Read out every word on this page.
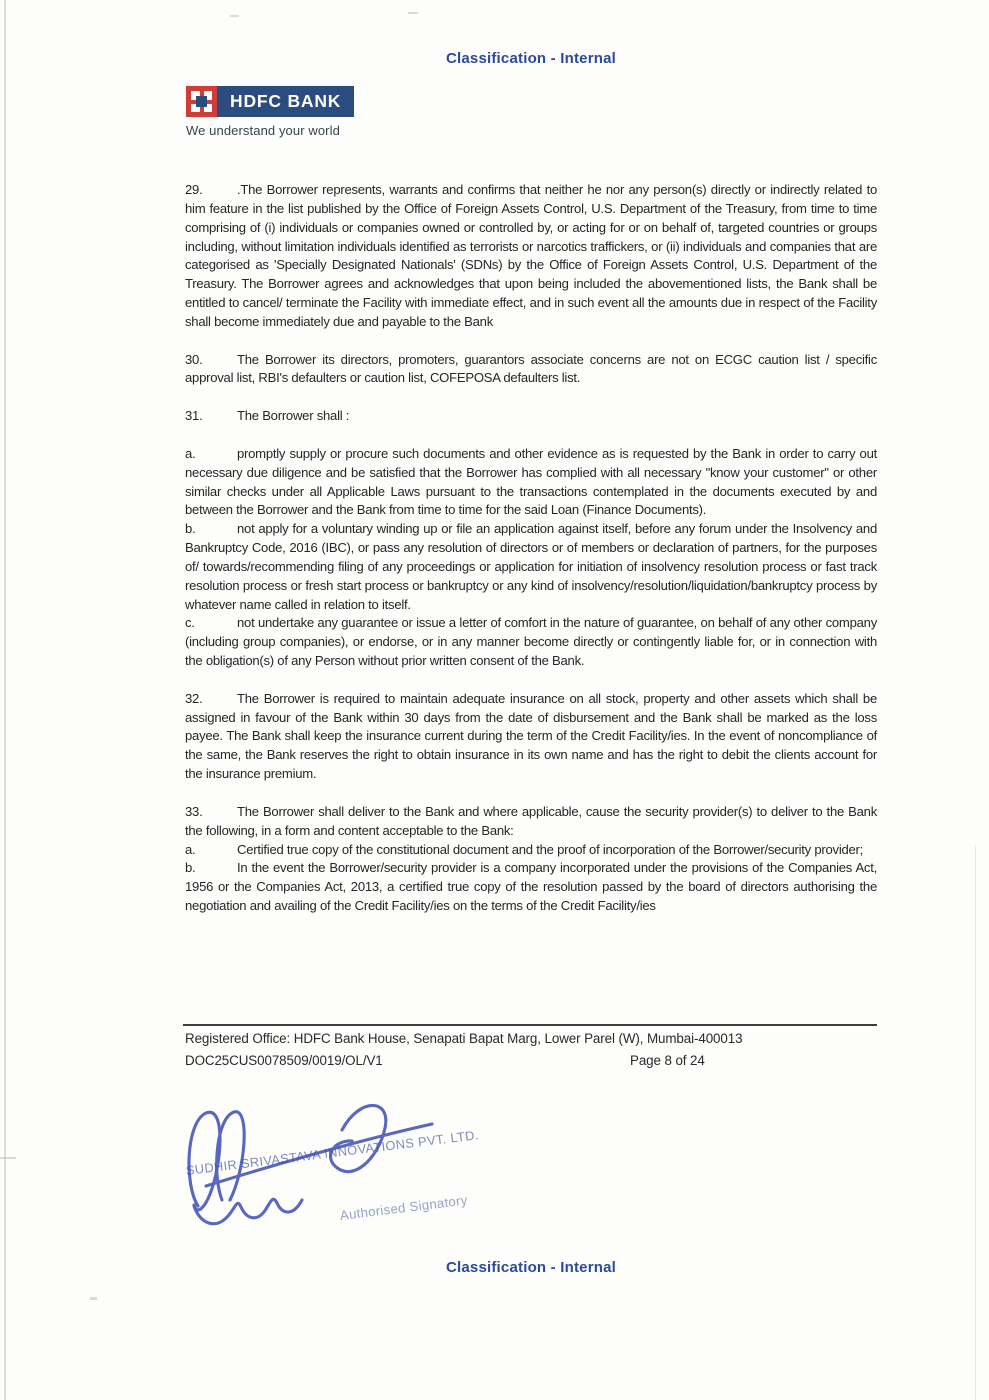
Classification - Internal
HDFC BANK
We understand your world

29.	.The Borrower represents, warrants and confirms that neither he nor any person(s) directly or indirectly related to him feature in the list published by the Office of Foreign Assets Control, U.S. Department of the Treasury, from time to time comprising of (i) individuals or companies owned or controlled by, or acting for or on behalf of, targeted countries or groups including, without limitation individuals identified as terrorists or narcotics traffickers, or (ii) individuals and companies that are categorised as 'Specially Designated Nationals' (SDNs) by the Office of Foreign Assets Control, U.S. Department of the Treasury. The Borrower agrees and acknowledges that upon being included the abovementioned lists, the Bank shall be entitled to cancel/ terminate the Facility with immediate effect, and in such event all the amounts due in respect of the Facility shall become immediately due and payable to the Bank

30.	The Borrower its directors, promoters, guarantors associate concerns are not on ECGC caution list / specific approval list, RBI's defaulters or caution list, COFEPOSA defaulters list.

31.	The Borrower shall :

a.	promptly supply or procure such documents and other evidence as is requested by the Bank in order to carry out necessary due diligence and be satisfied that the Borrower has complied with all necessary "know your customer" or other similar checks under all Applicable Laws pursuant to the transactions contemplated in the documents executed by and between the Borrower and the Bank from time to time for the said Loan (Finance Documents).

b.	not apply for a voluntary winding up or file an application against itself, before any forum under the Insolvency and Bankruptcy Code, 2016 (IBC), or pass any resolution of directors or of members or declaration of partners, for the purposes of/ towards/recommending filing of any proceedings or application for initiation of insolvency resolution process or fast track resolution process or fresh start process or bankruptcy or any kind of insolvency/resolution/liquidation/bankruptcy process by whatever name called in relation to itself.

c.	not undertake any guarantee or issue a letter of comfort in the nature of guarantee, on behalf of any other company (including group companies), or endorse, or in any manner become directly or contingently liable for, or in connection with the obligation(s) of any Person without prior written consent of the Bank.

32.	The Borrower is required to maintain adequate insurance on all stock, property and other assets which shall be assigned in favour of the Bank within 30 days from the date of disbursement and the Bank shall be marked as the loss payee. The Bank shall keep the insurance current during the term of the Credit Facility/ies. In the event of noncompliance of the same, the Bank reserves the right to obtain insurance in its own name and has the right to debit the clients account for the insurance premium.

33.	The Borrower shall deliver to the Bank and where applicable, cause the security provider(s) to deliver to the Bank the following, in a form and content acceptable to the Bank:

a.	Certified true copy of the constitutional document and the proof of incorporation of the Borrower/security provider;

b.	In the event the Borrower/security provider is a company incorporated under the provisions of the Companies Act, 1956 or the Companies Act, 2013, a certified true copy of the resolution passed by the board of directors authorising the negotiation and availing of the Credit Facility/ies on the terms of the Credit Facility/ies

Registered Office: HDFC Bank House, Senapati Bapat Marg, Lower Parel (W), Mumbai-400013
DOC25CUS0078509/0019/OL/V1	Page 8 of 24
SUDHIR SRIVASTAVA INNOVATIONS PVT. LTD.
Authorised Signatory
Classification - Internal
